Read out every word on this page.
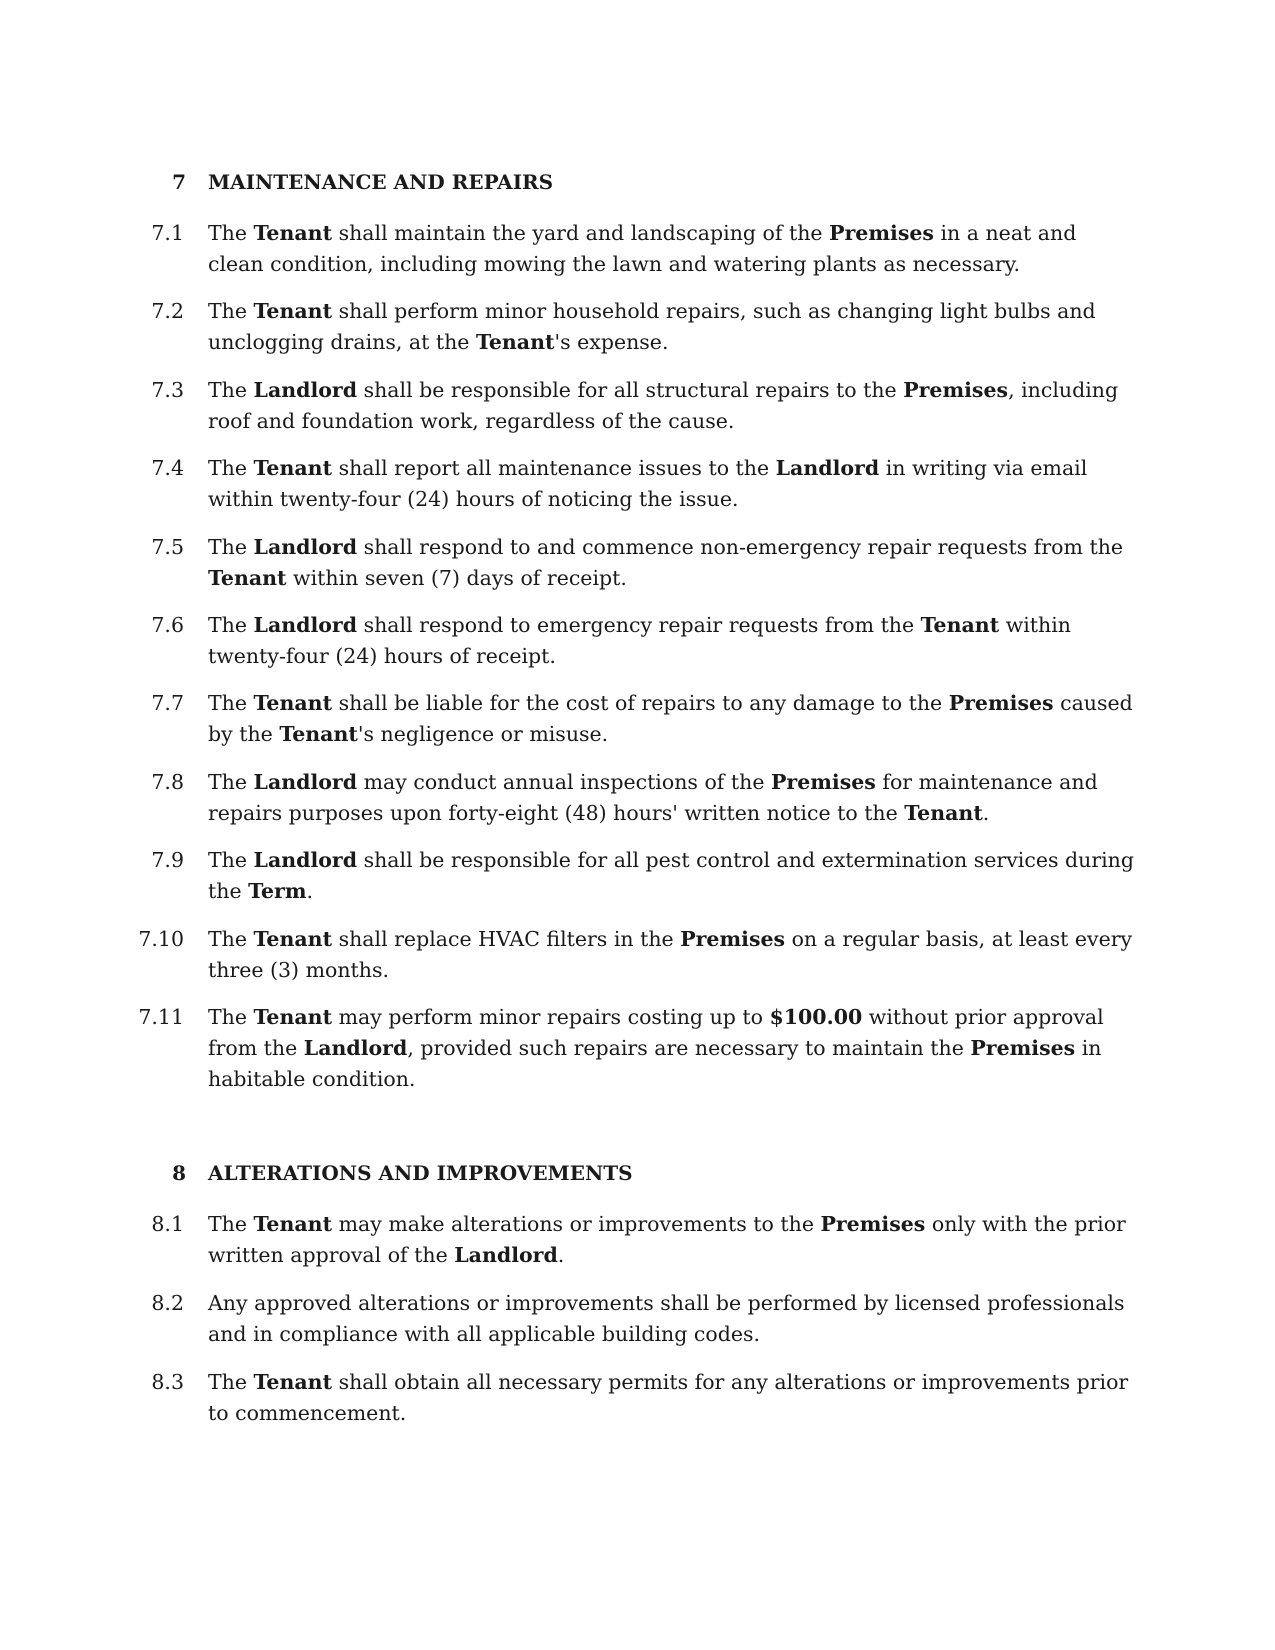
7 MAINTENANCE AND REPAIRS
7.1 The Tenant shall maintain the yard and landscaping of the Premises in a neat and clean condition, including mowing the lawn and watering plants as necessary.
7.2 The Tenant shall perform minor household repairs, such as changing light bulbs and unclogging drains, at the Tenant's expense.
7.3 The Landlord shall be responsible for all structural repairs to the Premises, including roof and foundation work, regardless of the cause.
7.4 The Tenant shall report all maintenance issues to the Landlord in writing via email within twenty-four (24) hours of noticing the issue.
7.5 The Landlord shall respond to and commence non-emergency repair requests from the Tenant within seven (7) days of receipt.
7.6 The Landlord shall respond to emergency repair requests from the Tenant within twenty-four (24) hours of receipt.
7.7 The Tenant shall be liable for the cost of repairs to any damage to the Premises caused by the Tenant's negligence or misuse.
7.8 The Landlord may conduct annual inspections of the Premises for maintenance and repairs purposes upon forty-eight (48) hours' written notice to the Tenant.
7.9 The Landlord shall be responsible for all pest control and extermination services during the Term.
7.10 The Tenant shall replace HVAC filters in the Premises on a regular basis, at least every three (3) months.
7.11 The Tenant may perform minor repairs costing up to $100.00 without prior approval from the Landlord, provided such repairs are necessary to maintain the Premises in habitable condition.
8 ALTERATIONS AND IMPROVEMENTS
8.1 The Tenant may make alterations or improvements to the Premises only with the prior written approval of the Landlord.
8.2 Any approved alterations or improvements shall be performed by licensed professionals and in compliance with all applicable building codes.
8.3 The Tenant shall obtain all necessary permits for any alterations or improvements prior to commencement.
